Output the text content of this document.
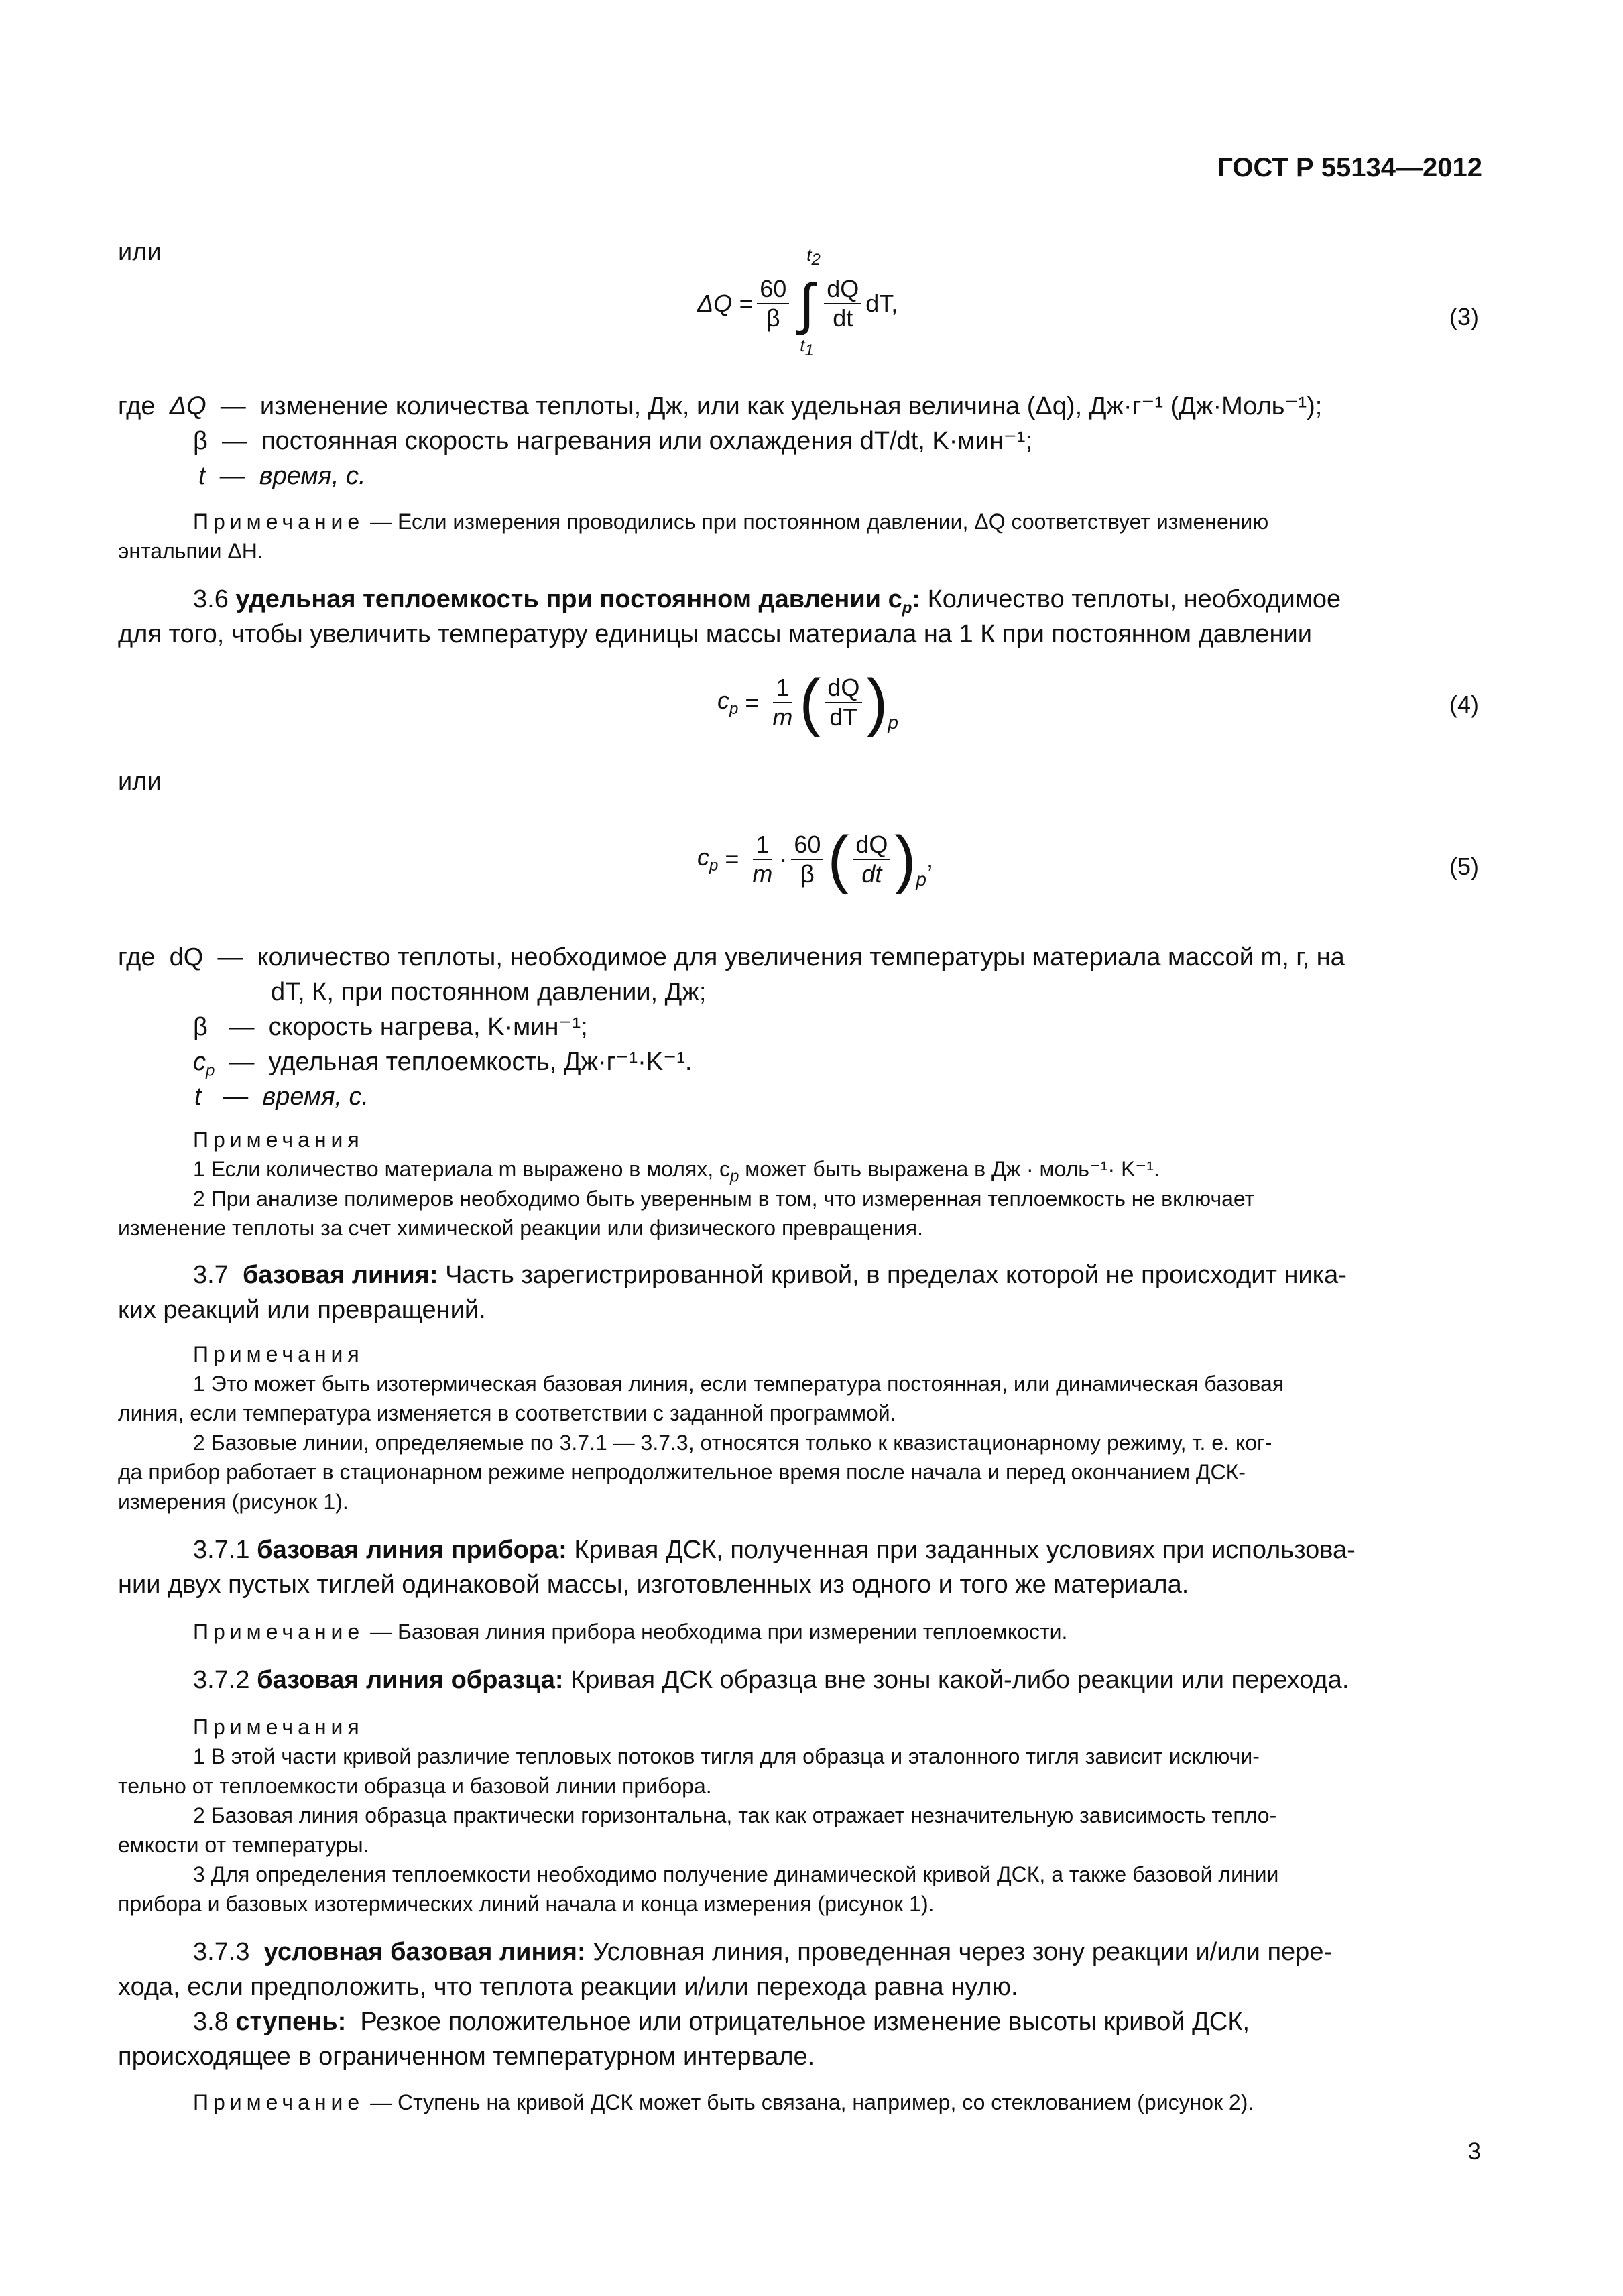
ГОСТ Р 55134—2012
или
$\Delta Q = \frac{60}{\beta}$
$t_2$
∫
$t_1$
$\frac{dQ}{dt}$ dT,	(3)
где ΔQ  —  изменение количества теплоты, Дж, или как удельная величина (Δq), Дж·г⁻¹ (Дж·Моль⁻¹);
β  —  постоянная скорость нагревания или охлаждения dT/dt, K·мин⁻¹;
t  —  время, с.
Примечание — Если измерения проводились при постоянном давлении, ΔQ соответствует изменению
энтальпии ΔH.
3.6 удельная теплоемкость при постоянном давлении $c_p$: Количество теплоты, необходимое
для того, чтобы увеличить температуру единицы массы материала на 1 К при постоянном давлении
$c_p = \frac{1}{m}$ ( $\frac{dQ}{dT}$ ) p
(4)
или
$c_p = \frac{1}{m} \cdot \frac{60}{\beta}$ ( $\frac{dQ}{dt}$ ) p
,	(5)
где dQ  —  количество теплоты, необходимое для увеличения температуры материала массой m, г, на
dT, К, при постоянном давлении, Дж;
β   —  скорость нагрева, K·мин⁻¹;
$c_p$  —  удельная теплоемкость, Дж·г⁻¹·K⁻¹.
t   —  время, с.
Примечания
1 Если количество материала m выражено в молях, $c_p$ может быть выражена в Дж · моль⁻¹· K⁻¹.
2 При анализе полимеров необходимо быть уверенным в том, что измеренная теплоемкость не включает
изменение теплоты за счет химической реакции или физического превращения.
3.7 базовая линия: Часть зарегистрированной кривой, в пределах которой не происходит ника-
ких реакций или превращений.
Примечания
1 Это может быть изотермическая базовая линия, если температура постоянная, или динамическая базовая
линия, если температура изменяется в соответствии с заданной программой.
2 Базовые линии, определяемые по 3.7.1 — 3.7.3, относятся только к квазистационарному режиму, т. е. ког-
да прибор работает в стационарном режиме непродолжительное время после начала и перед окончанием ДСК-
измерения (рисунок 1).
3.7.1 базовая линия прибора: Кривая ДСК, полученная при заданных условиях при использова-
нии двух пустых тиглей одинаковой массы, изготовленных из одного и того же материала.
Примечание — Базовая линия прибора необходима при измерении теплоемкости.
3.7.2 базовая линия образца: Кривая ДСК образца вне зоны какой-либо реакции или перехода.
Примечания
1 В этой части кривой различие тепловых потоков тигля для образца и эталонного тигля зависит исключи-
тельно от теплоемкости образца и базовой линии прибора.
2 Базовая линия образца практически горизонтальна, так как отражает незначительную зависимость тепло-
емкости от температуры.
3 Для определения теплоемкости необходимо получение динамической кривой ДСК, а также базовой линии
прибора и базовых изотермических линий начала и конца измерения (рисунок 1).
3.7.3 условная базовая линия: Условная линия, проведенная через зону реакции и/или пере-
хода, если предположить, что теплота реакции и/или перехода равна нулю.
3.8 ступень: Резкое положительное или отрицательное изменение высоты кривой ДСК,
происходящее в ограниченном температурном интервале.
Примечание — Ступень на кривой ДСК может быть связана, например, со стеклованием (рисунок 2).
3
